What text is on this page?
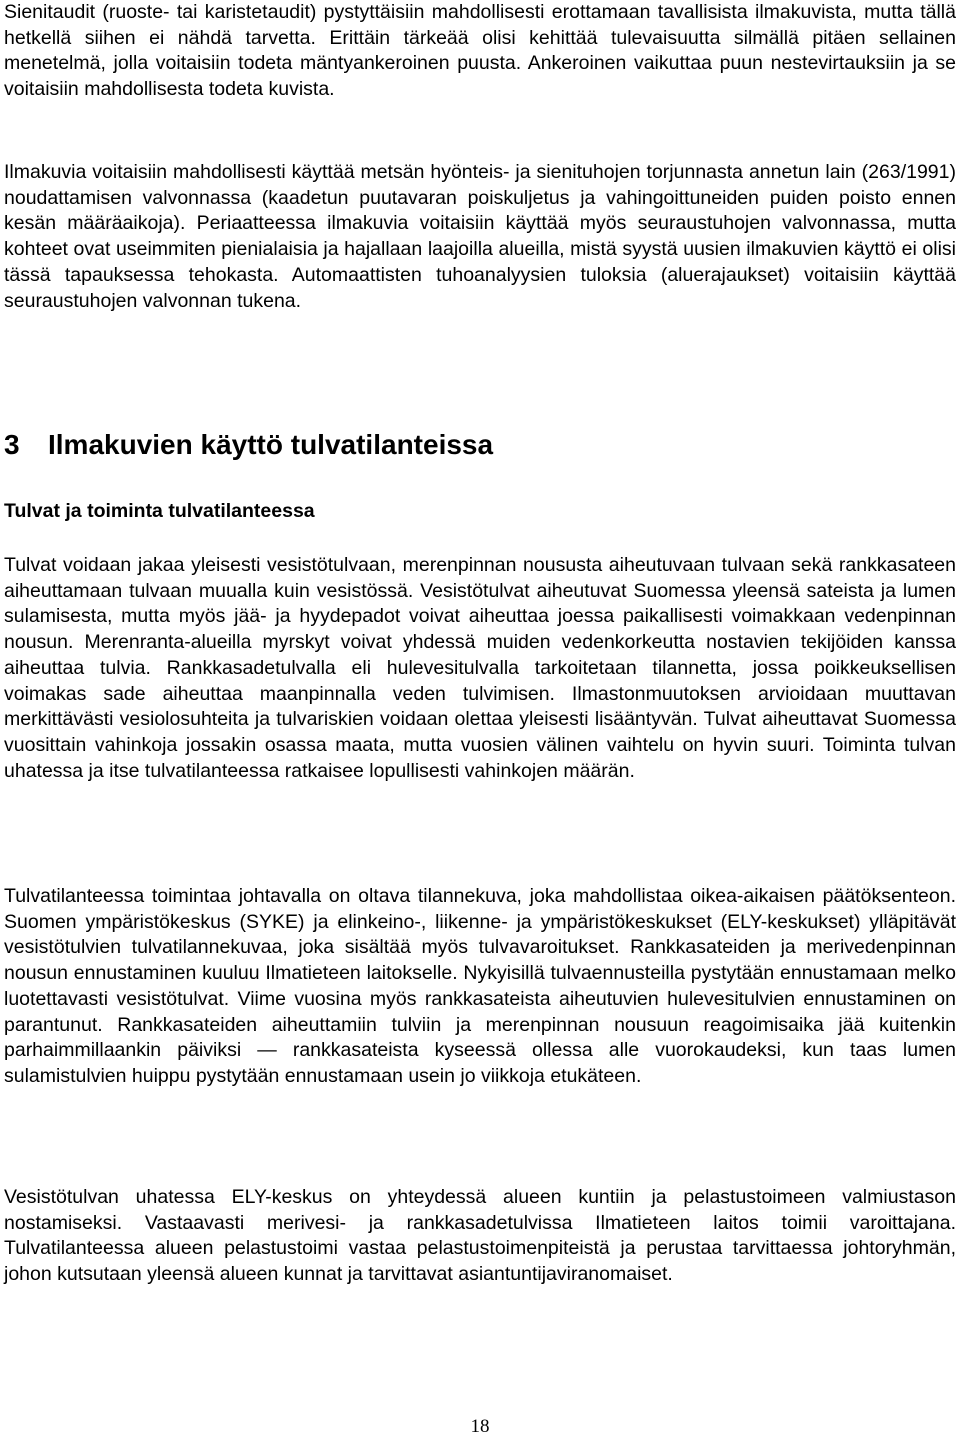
Sienitaudit (ruoste- tai karistetaudit) pystyttäisiin mahdollisesti erottamaan tavallisista ilmakuvista, mutta tällä hetkellä siihen ei nähdä tarvetta. Erittäin tärkeää olisi kehittää tulevaisuutta silmällä pitäen sellainen menetelmä, jolla voitaisiin todeta mäntyankeroinen puusta. Ankeroinen vaikuttaa puun nestevirtauksiin ja se voitaisiin mahdollisesta todeta kuvista.

Ilmakuvia voitaisiin mahdollisesti käyttää metsän hyönteis- ja sienituhojen torjunnasta annetun lain (263/1991) noudattamisen valvonnassa (kaadetun puutavaran poiskuljetus ja vahingoittuneiden puiden poisto ennen kesän määräaikoja). Periaatteessa ilmakuvia voitaisiin käyttää myös seuraustuhojen valvonnassa, mutta kohteet ovat useimmiten pienialaisia ja hajallaan laajoilla alueilla, mistä syystä uusien ilmakuvien käyttö ei olisi tässä tapauksessa tehokasta. Automaattisten tuhoanalyysien tuloksia (aluerajaukset) voitaisiin käyttää seuraustuhojen valvonnan tukena.

3 Ilmakuvien käyttö tulvatilanteissa
Tulvat ja toiminta tulvatilanteessa

Tulvat voidaan jakaa yleisesti vesistötulvaan, merenpinnan noususta aiheutuvaan tulvaan sekä rankkasateen aiheuttamaan tulvaan muualla kuin vesistössä. Vesistötulvat aiheutuvat Suomessa yleensä sateista ja lumen sulamisesta, mutta myös jää- ja hyydepadot voivat aiheuttaa joessa paikallisesti voimakkaan vedenpinnan nousun. Merenranta-alueilla myrskyt voivat yhdessä muiden vedenkorkeutta nostavien tekijöiden kanssa aiheuttaa tulvia. Rankkasadetulvalla eli hulevesitulvalla tarkoitetaan tilannetta, jossa poikkeuksellisen voimakas sade aiheuttaa maanpinnalla veden tulvimisen. Ilmastonmuutoksen arvioidaan muuttavan merkittävästi vesiolosuhteita ja tulvariskien voidaan olettaa yleisesti lisääntyvän. Tulvat aiheuttavat Suomessa vuosittain vahinkoja jossakin osassa maata, mutta vuosien välinen vaihtelu on hyvin suuri. Toiminta tulvan uhatessa ja itse tulvatilanteessa ratkaisee lopullisesti vahinkojen määrän.

Tulvatilanteessa toimintaa johtavalla on oltava tilannekuva, joka mahdollistaa oikea-aikaisen päätöksenteon. Suomen ympäristökeskus (SYKE) ja elinkeino-, liikenne- ja ympäristökeskukset (ELY-keskukset) ylläpitävät vesistötulvien tulvatilannekuvaa, joka sisältää myös tulvavaroitukset. Rankkasateiden ja merivedenpinnan nousun ennustaminen kuuluu Ilmatieteen laitokselle. Nykyisillä tulvaennusteilla pystytään ennustamaan melko luotettavasti vesistötulvat. Viime vuosina myös rankkasateista aiheutuvien hulevesitulvien ennustaminen on parantunut. Rankkasateiden aiheuttamiin tulviin ja merenpinnan nousuun reagoimisaika jää kuitenkin parhaimmillaankin päiviksi — rankkasateista kyseessä ollessa alle vuorokaudeksi, kun taas lumen sulamistulvien huippu pystytään ennustamaan usein jo viikkoja etukäteen.

Vesistötulvan uhatessa ELY-keskus on yhteydessä alueen kuntiin ja pelastustoimeen valmiustason nostamiseksi. Vastaavasti merivesi- ja rankkasadetulvissa Ilmatieteen laitos toimii varoittajana. Tulvatilanteessa alueen pelastustoimi vastaa pelastustoimenpiteistä ja perustaa tarvittaessa johtoryhmän, johon kutsutaan yleensä alueen kunnat ja tarvittavat asiantuntijaviranomaiset.

18
